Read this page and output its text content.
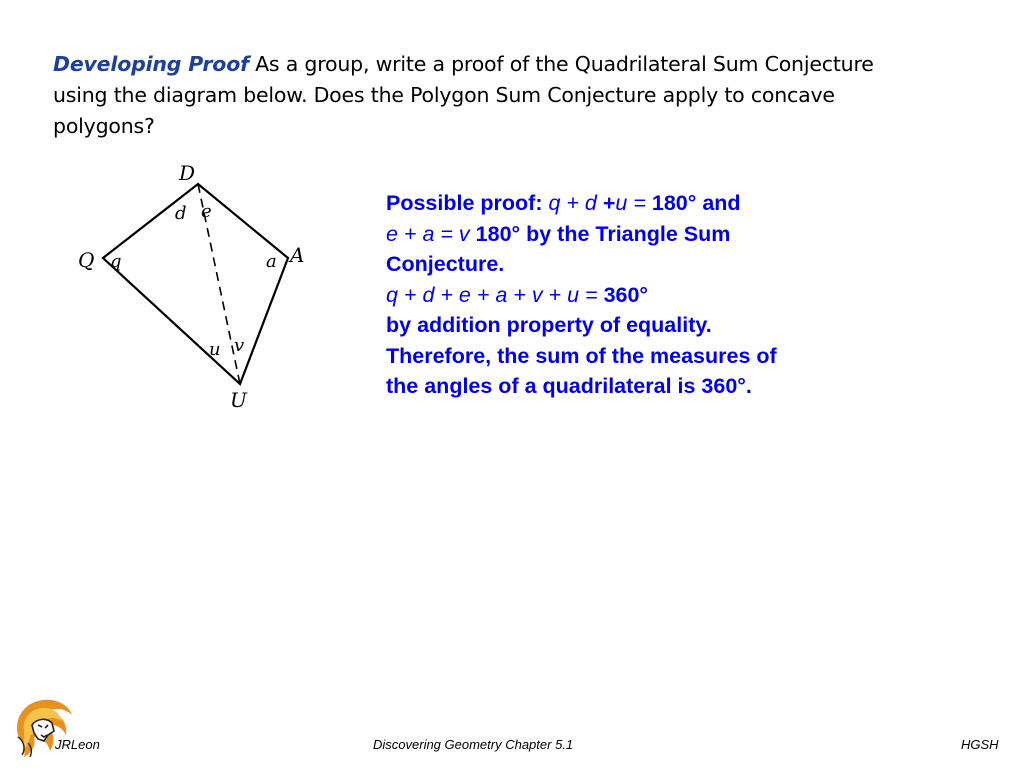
Developing Proof As a group, write a proof of the Quadrilateral Sum Conjecture using the diagram below. Does the Polygon Sum Conjecture apply to concave polygons?
D
Q	A
U
d e
q	a
u v
Possible proof: q + d +u = 180° and
e + a = v 180° by the Triangle Sum
Conjecture.
q + d + e + a + v + u = 360°
by addition property of equality.
Therefore, the sum of the measures of
the angles of a quadrilateral is 360°.
JRLeon	Discovering Geometry Chapter 5.1	HGSH
